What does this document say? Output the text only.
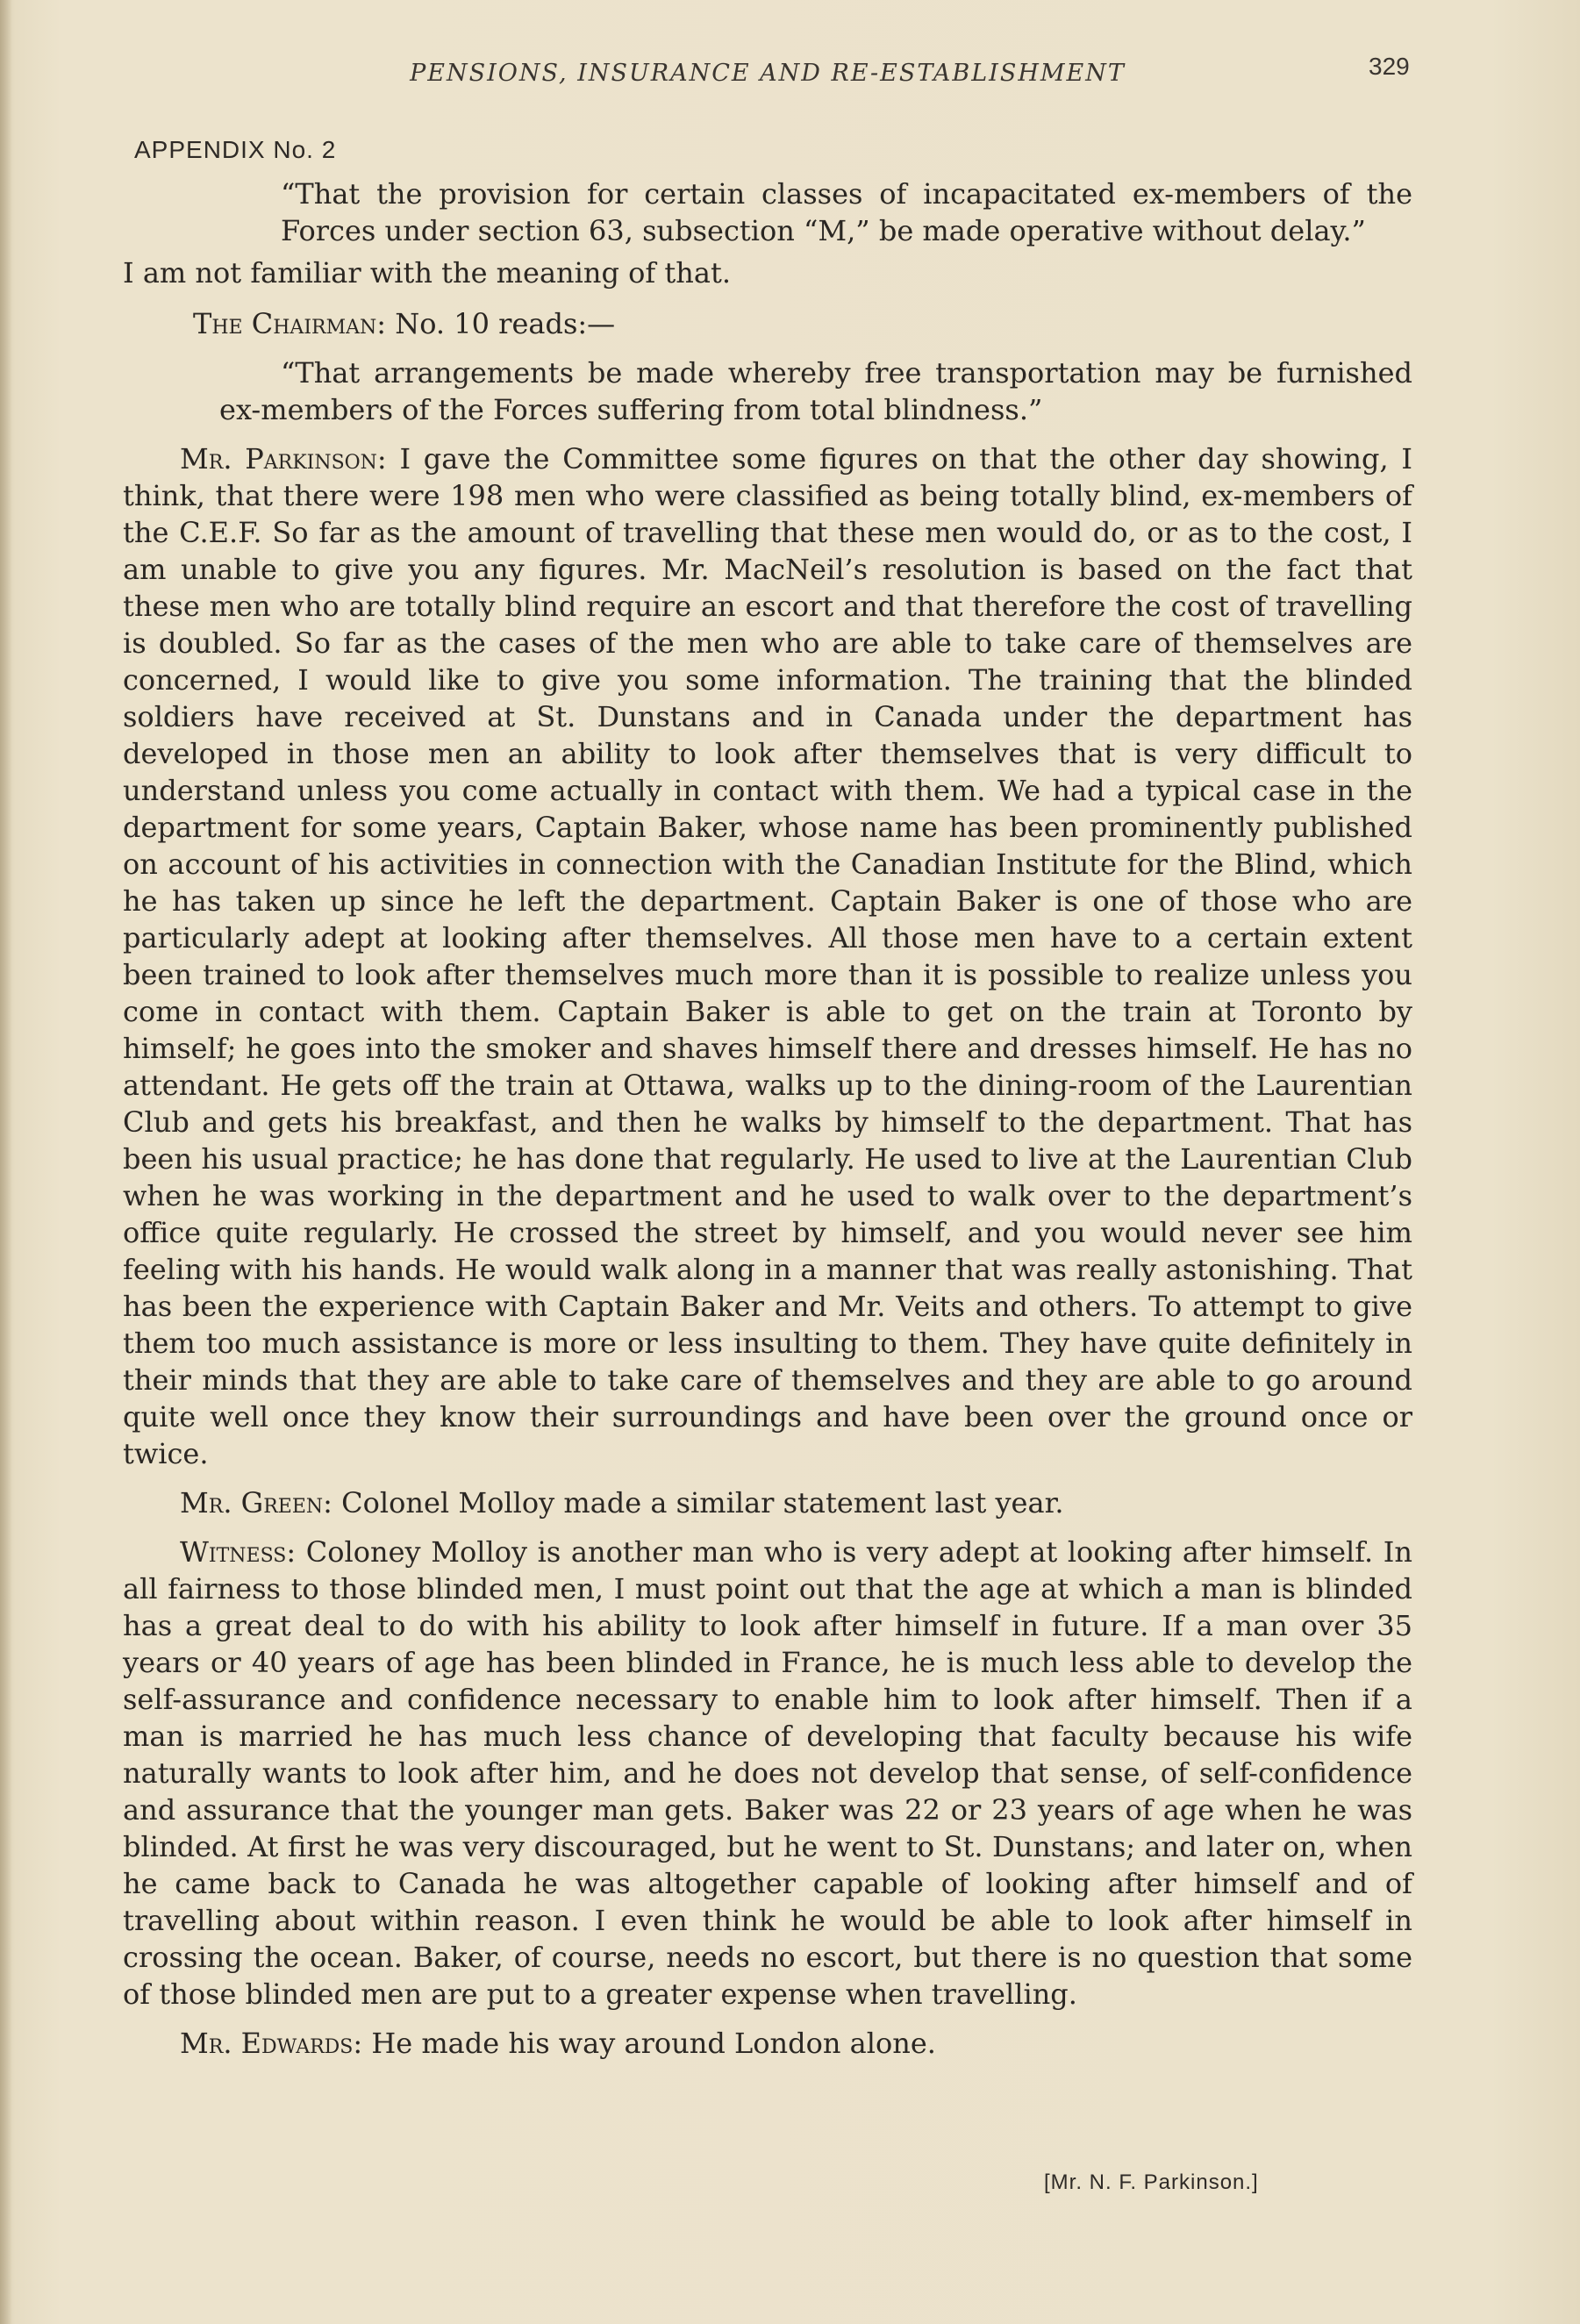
PENSIONS, INSURANCE AND RE-ESTABLISHMENT	329
APPENDIX No. 2

“That the provision for certain classes of incapacitated ex-members of the Forces under section 63, subsection “M,” be made operative without delay.”

I am not familiar with the meaning of that.

The Chairman: No. 10 reads:—

“That arrangements be made whereby free transportation may be furnished ex-members of the Forces suffering from total blindness.”

Mr. Parkinson: I gave the Committee some figures on that the other day showing, I think, that there were 198 men who were classified as being totally blind, ex-members of the C.E.F. So far as the amount of travelling that these men would do, or as to the cost, I am unable to give you any figures. Mr. MacNeil’s resolution is based on the fact that these men who are totally blind require an escort and that therefore the cost of travelling is doubled. So far as the cases of the men who are able to take care of themselves are concerned, I would like to give you some information. The training that the blinded soldiers have received at St. Dunstans and in Canada under the department has developed in those men an ability to look after themselves that is very difficult to understand unless you come actually in contact with them. We had a typical case in the department for some years, Captain Baker, whose name has been prominently published on account of his activities in connection with the Canadian Institute for the Blind, which he has taken up since he left the department. Captain Baker is one of those who are particularly adept at looking after themselves. All those men have to a certain extent been trained to look after themselves much more than it is possible to realize unless you come in contact with them. Captain Baker is able to get on the train at Toronto by himself; he goes into the smoker and shaves himself there and dresses himself. He has no attendant. He gets off the train at Ottawa, walks up to the dining-room of the Laurentian Club and gets his breakfast, and then he walks by himself to the department. That has been his usual practice; he has done that regularly. He used to live at the Laurentian Club when he was working in the department and he used to walk over to the department’s office quite regularly. He crossed the street by himself, and you would never see him feeling with his hands. He would walk along in a manner that was really astonishing. That has been the experience with Captain Baker and Mr. Veits and others. To attempt to give them too much assistance is more or less insulting to them. They have quite definitely in their minds that they are able to take care of themselves and they are able to go around quite well once they know their surroundings and have been over the ground once or twice.

Mr. Green: Colonel Molloy made a similar statement last year.

Witness: Coloney Molloy is another man who is very adept at looking after himself. In all fairness to those blinded men, I must point out that the age at which a man is blinded has a great deal to do with his ability to look after himself in future. If a man over 35 years or 40 years of age has been blinded in France, he is much less able to develop the self-assurance and confidence necessary to enable him to look after himself. Then if a man is married he has much less chance of developing that faculty because his wife naturally wants to look after him, and he does not develop that sense, of self-confidence and assurance that the younger man gets. Baker was 22 or 23 years of age when he was blinded. At first he was very discouraged, but he went to St. Dunstans; and later on, when he came back to Canada he was altogether capable of looking after himself and of travelling about within reason. I even think he would be able to look after himself in crossing the ocean. Baker, of course, needs no escort, but there is no question that some of those blinded men are put to a greater expense when travelling.

Mr. Edwards: He made his way around London alone.

[Mr. N. F. Parkinson.]
